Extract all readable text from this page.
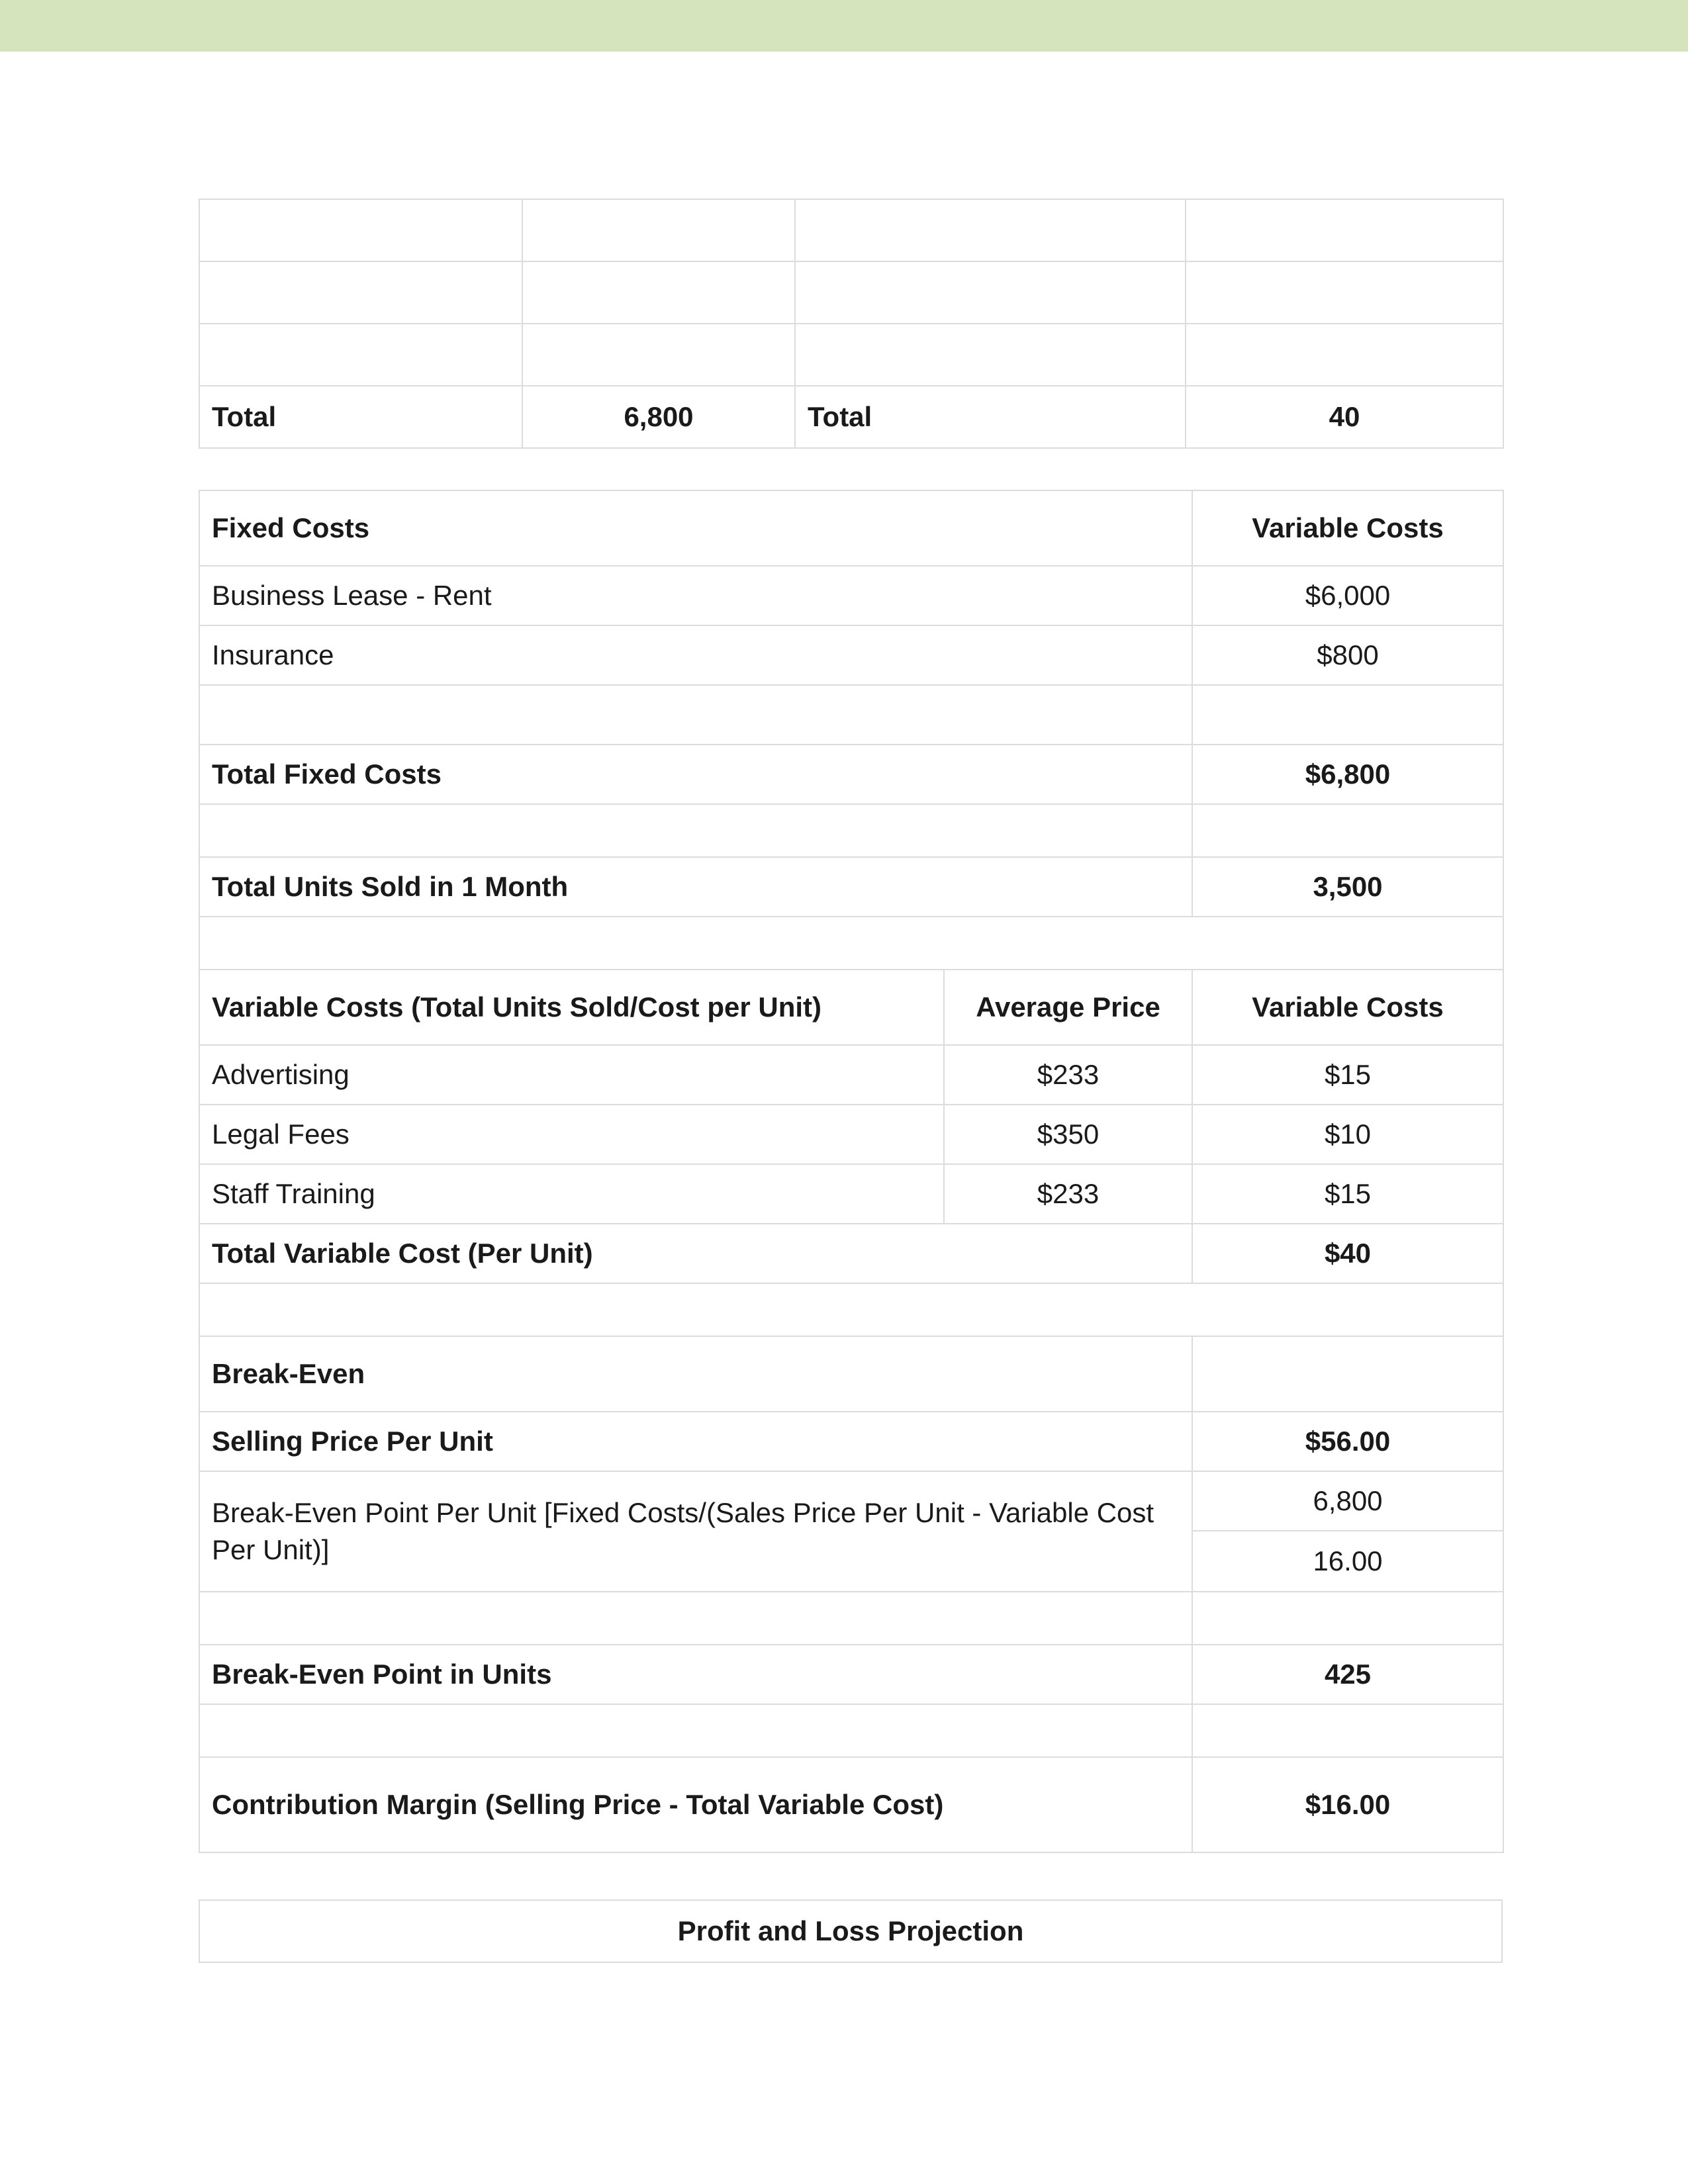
Total	6,800	Total	40
Fixed Costs		Variable Costs
Business Lease - Rent		$6,000
Insurance		$800

Total Fixed Costs		$6,800

Total Units Sold in 1 Month		3,500

Variable Costs (Total Units Sold/Cost per Unit)	Average Price	Variable Costs
Advertising	$233	$15
Legal Fees	$350	$10
Staff Training	$233	$15
Total Variable Cost (Per Unit)		$40

Break-Even		
Selling Price Per Unit		$56.00
Break-Even Point Per Unit [Fixed Costs/(Sales Price Per Unit - Variable Cost Per Unit)]		6,800
		16.00

Break-Even Point in Units		425

Contribution Margin (Selling Price - Total Variable Cost)		$16.00
Profit and Loss Projection
